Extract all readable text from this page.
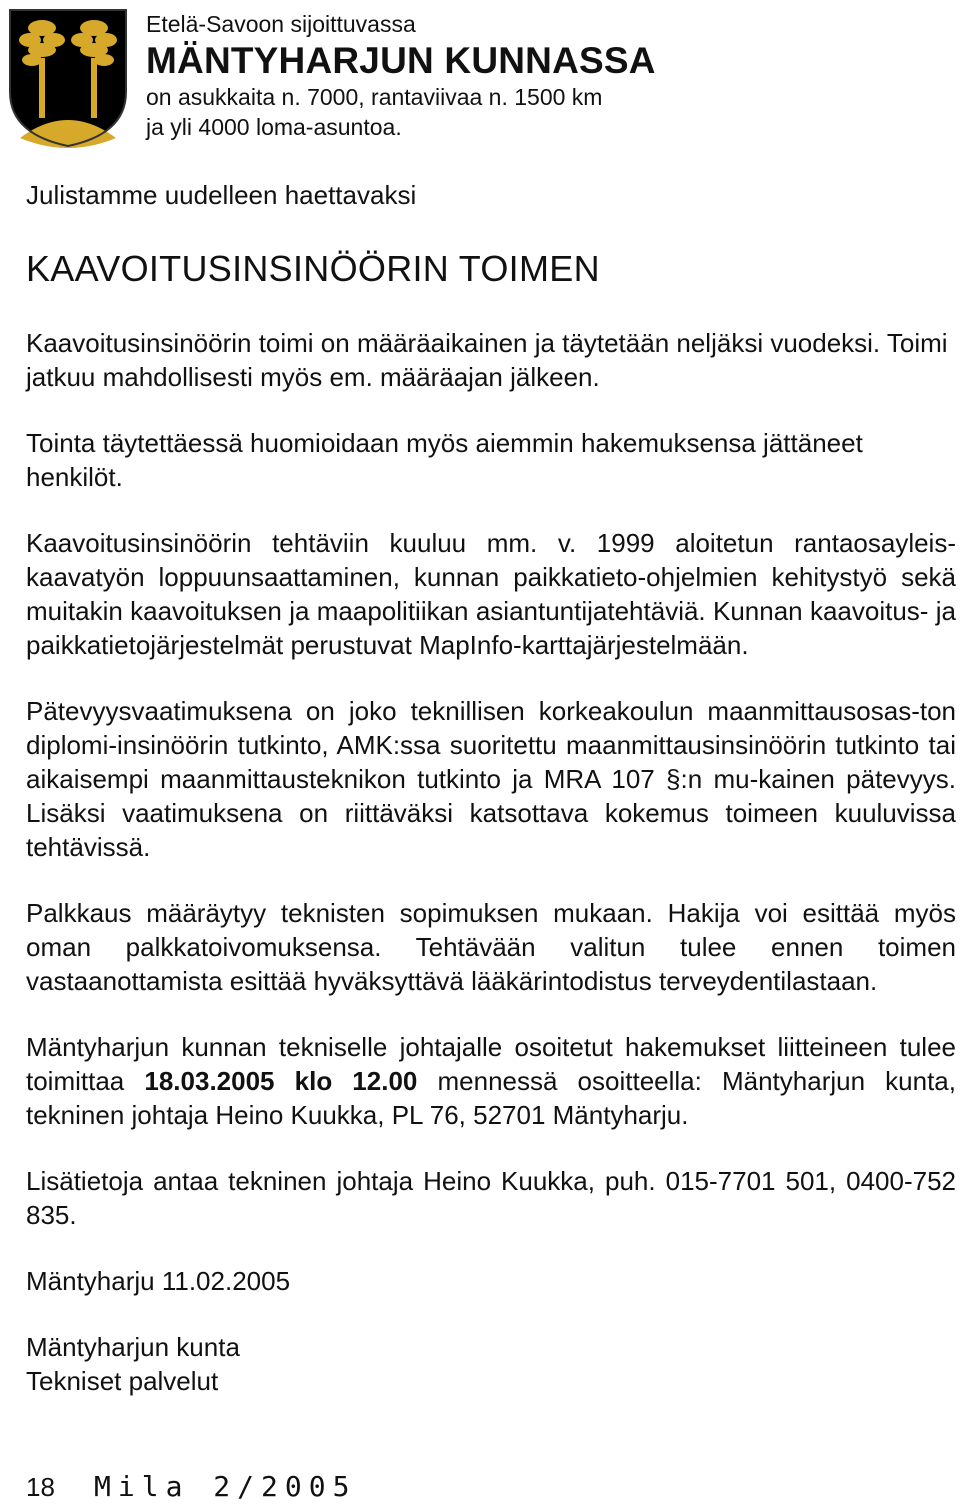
Etelä-Savoon sijoittuvassa
MÄNTYHARJUN KUNNASSA
on asukkaita n. 7000, rantaviivaa n. 1500 km
ja yli 4000 loma-asuntoa.

Julistamme uudelleen haettavaksi

KAAVOITUSINSINÖÖRIN TOIMEN

Kaavoitusinsinöörin toimi on määräaikainen ja täytetään neljäksi vuodeksi. Toimi jatkuu mahdollisesti myös em. määräajan jälkeen.

Tointa täytettäessä huomioidaan myös aiemmin hakemuksensa jättäneet henkilöt.

Kaavoitusinsinöörin tehtäviin kuuluu mm. v. 1999 aloitetun rantaosayleis-kaavatyön loppuunsaattaminen, kunnan paikkatieto-ohjelmien kehitystyö sekä muitakin kaavoituksen ja maapolitiikan asiantuntijatehtäviä. Kunnan kaavoitus- ja paikkatietojärjestelmät perustuvat MapInfo-karttajärjestelmään.

Pätevyysvaatimuksena on joko teknillisen korkeakoulun maanmittausosas-ton diplomi-insinöörin tutkinto, AMK:ssa suoritettu maanmittausinsinöörin tutkinto tai aikaisempi maanmittausteknikon tutkinto ja MRA 107 §:n mu-kainen pätevyys. Lisäksi vaatimuksena on riittäväksi katsottava kokemus toimeen kuuluvissa tehtävissä.

Palkkaus määräytyy teknisten sopimuksen mukaan. Hakija voi esittää myös oman palkkatoivomuksensa. Tehtävään valitun tulee ennen toimen vastaanottamista esittää hyväksyttävä lääkärintodistus terveydentilastaan.

Mäntyharjun kunnan tekniselle johtajalle osoitetut hakemukset liitteineen tulee toimittaa 18.03.2005 klo 12.00 mennessä osoitteella: Mäntyharjun kunta, tekninen johtaja Heino Kuukka, PL 76, 52701 Mäntyharju.

Lisätietoja antaa tekninen johtaja Heino Kuukka, puh. 015-7701 501, 0400-752 835.

Mäntyharju 11.02.2005

Mäntyharjun kunta

Tekniset palvelut

18	Mila 2/2005
